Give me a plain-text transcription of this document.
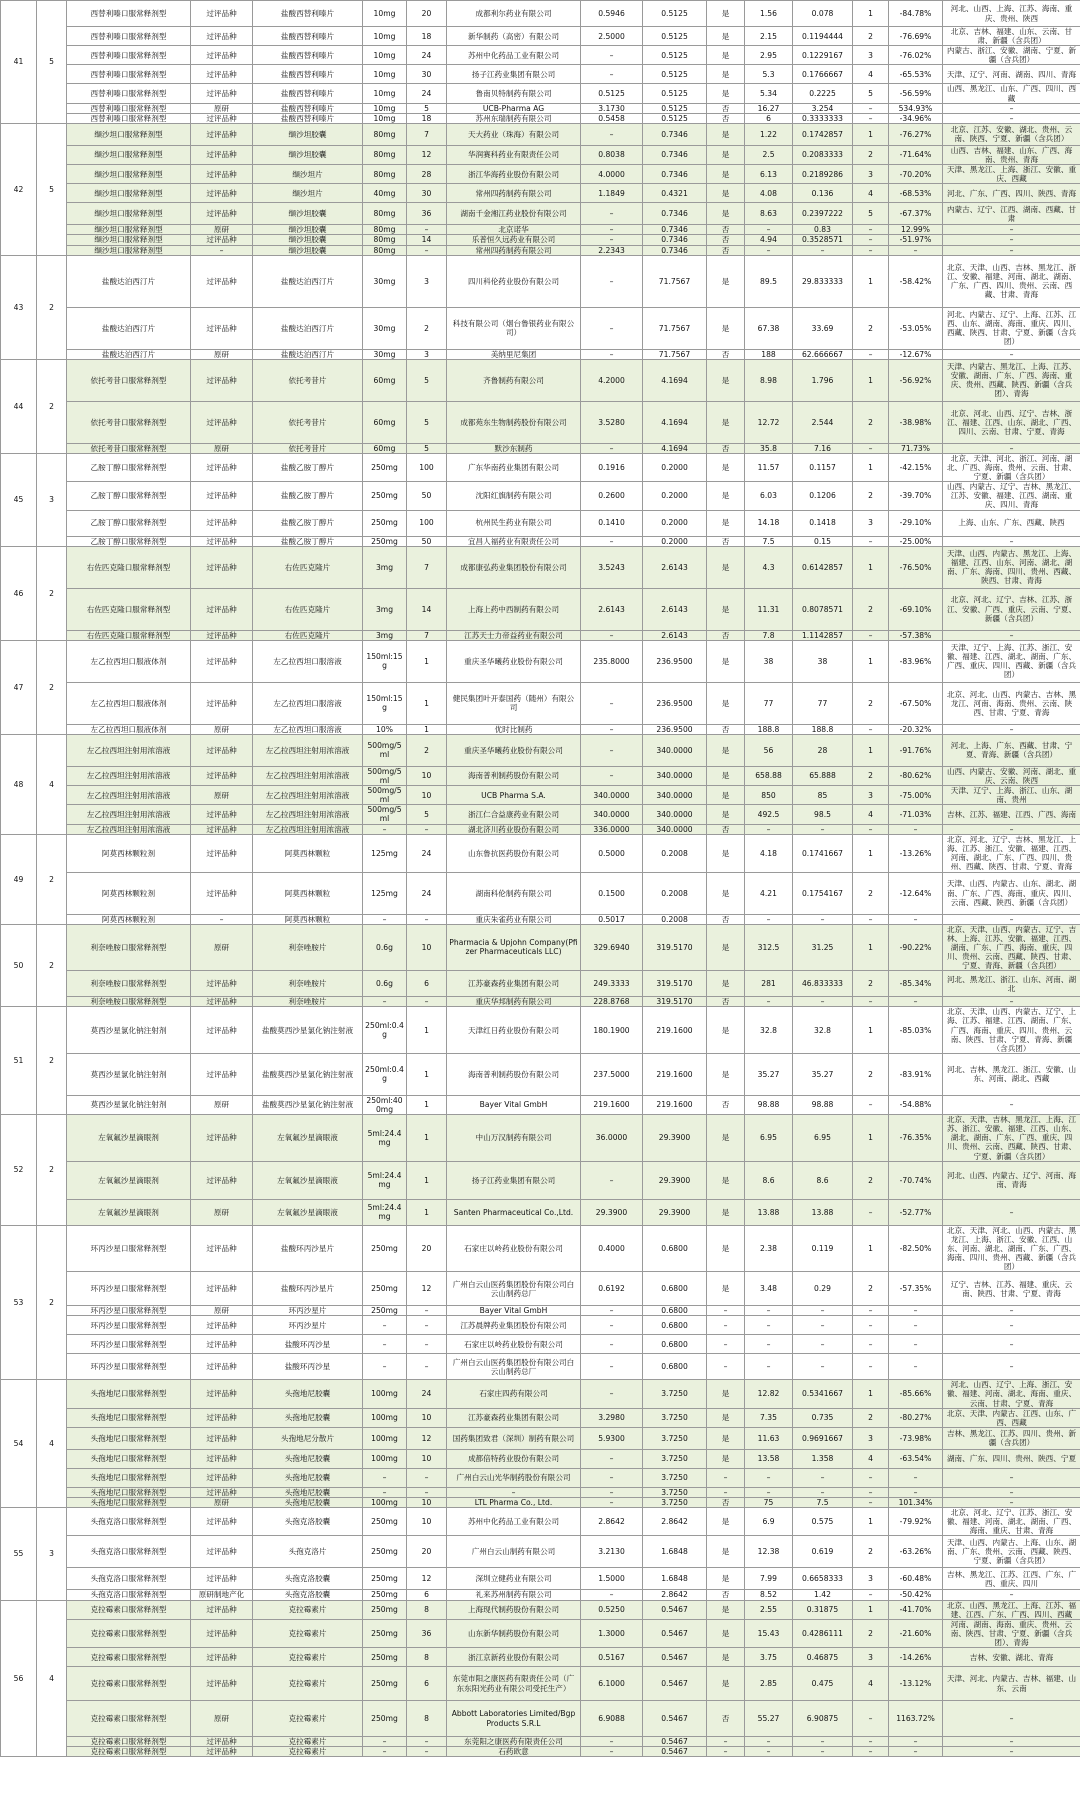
41	5	西替利嗪口服常释剂型	过评品种	盐酸西替利嗪片	10mg	20	成都利尔药业有限公司	0.5946	0.5125	是	1.56	0.078	1	-84.78%	河北、山西、上海、江苏、海南、重庆、贵州、陕西
		西替利嗪口服常释剂型	过评品种	盐酸西替利嗪片	10mg	18	新华制药（高密）有限公司	2.5000	0.5125	是	2.15	0.1194444	2	-76.69%	北京、吉林、福建、山东、云南、甘肃、新疆（含兵团）
		西替利嗪口服常释剂型	过评品种	盐酸西替利嗪片	10mg	24	苏州中化药品工业有限公司	–	0.5125	是	2.95	0.1229167	3	-76.02%	内蒙古、浙江、安徽、湖南、宁夏、新疆（含兵团）
		西替利嗪口服常释剂型	过评品种	盐酸西替利嗪片	10mg	30	扬子江药业集团有限公司	–	0.5125	是	5.3	0.1766667	4	-65.53%	天津、辽宁、河南、湖南、四川、青海
		西替利嗪口服常释剂型	过评品种	盐酸西替利嗪片	10mg	24	鲁南贝特制药有限公司	0.5125	0.5125	是	5.34	0.2225	5	-56.59%	山西、黑龙江、山东、广西、四川、西藏
		西替利嗪口服常释剂型	原研	盐酸西替利嗪片	10mg	5	UCB-Pharma AG	3.1730	0.5125	否	16.27	3.254	–	534.93%	–
		西替利嗪口服常释剂型	过评品种	盐酸西替利嗪片	10mg	18	苏州东瑞制药有限公司	0.5458	0.5125	否	6	0.3333333	–	-34.96%	–
42	5	缬沙坦口服常释剂型	过评品种	缬沙坦胶囊	80mg	7	天大药业（珠海）有限公司	–	0.7346	是	1.22	0.1742857	1	-76.27%	北京、江苏、安徽、湖北、贵州、云南、陕西、宁夏、新疆（含兵团）
		缬沙坦口服常释剂型	过评品种	缬沙坦胶囊	80mg	12	华润赛科药业有限责任公司	0.8038	0.7346	是	2.5	0.2083333	2	-71.64%	山西、吉林、福建、山东、广西、海南、贵州、青海
		缬沙坦口服常释剂型	过评品种	缬沙坦片	80mg	28	浙江华海药业股份有限公司	4.0000	0.7346	是	6.13	0.2189286	3	-70.20%	天津、黑龙江、上海、浙江、安徽、重庆、西藏
		缬沙坦口服常释剂型	过评品种	缬沙坦片	40mg	30	常州四药制药有限公司	1.1849	0.4321	是	4.08	0.136	4	-68.53%	河北、广东、广西、四川、陕西、青海
		缬沙坦口服常释剂型	过评品种	缬沙坦胶囊	80mg	36	湖南千金湘江药业股份有限公司	–	0.7346	是	8.63	0.2397222	5	-67.37%	内蒙古、辽宁、江西、湖南、西藏、甘肃
		缬沙坦口服常释剂型	原研	缬沙坦胶囊	80mg	–	北京诺华	–	0.7346	否	–	0.83	–	12.99%	–
		缬沙坦口服常释剂型	过评品种	缬沙坦胶囊	80mg	14	乐普恒久远药业有限公司	–	0.7346	否	4.94	0.3528571	–	-51.97%	–
		缬沙坦口服常释剂型	–	缬沙坦胶囊	80mg	–	常州四药制药有限公司	2.2343	0.7346	否	–	–	–	–	–
43	2	盐酸达泊西汀片	过评品种	盐酸达泊西汀片	30mg	3	四川科伦药业股份有限公司	–	71.7567	是	89.5	29.833333	1	-58.42%	北京、天津、山西、吉林、黑龙江、浙江、安徽、福建、河南、湖北、湖南、广东、广西、四川、贵州、云南、西藏、甘肃、青海
		盐酸达泊西汀片	过评品种	盐酸达泊西汀片	30mg	2	科技有限公司（烟台鲁银药业有限公司）	–	71.7567	是	67.38	33.69	2	-53.05%	河北、内蒙古、辽宁、上海、江苏、江西、山东、湖南、海南、重庆、四川、西藏、陕西、甘肃、宁夏、新疆（含兵团）
		盐酸达泊西汀片	原研	盐酸达泊西汀片	30mg	3	美纳里尼集团	–	71.7567	否	188	62.666667	–	-12.67%	–
44	2	依托考昔口服常释剂型	过评品种	依托考昔片	60mg	5	齐鲁制药有限公司	4.2000	4.1694	是	8.98	1.796	1	-56.92%	天津、内蒙古、黑龙江、上海、江苏、安徽、湖南、广东、广西、海南、重庆、贵州、西藏、陕西、新疆（含兵团）、青海
		依托考昔口服常释剂型	过评品种	依托考昔片	60mg	5	成都苑东生物制药股份有限公司	3.5280	4.1694	是	12.72	2.544	2	-38.98%	北京、河北、山西、辽宁、吉林、浙江、福建、江西、山东、湖北、广西、四川、云南、甘肃、宁夏、青海
		依托考昔口服常释剂型	原研	依托考昔片	60mg	5	默沙东制药	–	4.1694	否	35.8	7.16	–	71.73%	–
45	3	乙胺丁醇口服常释剂型	过评品种	盐酸乙胺丁醇片	250mg	100	广东华南药业集团有限公司	0.1916	0.2000	是	11.57	0.1157	1	-42.15%	北京、天津、河北、浙江、河南、湖北、广西、海南、贵州、云南、甘肃、宁夏、新疆（含兵团）
		乙胺丁醇口服常释剂型	过评品种	盐酸乙胺丁醇片	250mg	50	沈阳红旗制药有限公司	0.2600	0.2000	是	6.03	0.1206	2	-39.70%	山西、内蒙古、辽宁、吉林、黑龙江、江苏、安徽、福建、江西、湖南、重庆、四川、青海
		乙胺丁醇口服常释剂型	过评品种	盐酸乙胺丁醇片	250mg	100	杭州民生药业有限公司	0.1410	0.2000	是	14.18	0.1418	3	-29.10%	上海、山东、广东、西藏、陕西
		乙胺丁醇口服常释剂型	过评品种	盐酸乙胺丁醇片	250mg	50	宜昌人福药业有限责任公司	–	0.2000	否	7.5	0.15	–	-25.00%	–
46	2	右佐匹克隆口服常释剂型	过评品种	右佐匹克隆片	3mg	7	成都康弘药业集团股份有限公司	3.5243	2.6143	是	4.3	0.6142857	1	-76.50%	天津、山西、内蒙古、黑龙江、上海、福建、江西、山东、河南、湖北、湖南、广东、海南、四川、贵州、西藏、陕西、甘肃、青海
		右佐匹克隆口服常释剂型	过评品种	右佐匹克隆片	3mg	14	上海上药中西制药有限公司	2.6143	2.6143	是	11.31	0.8078571	2	-69.10%	北京、河北、辽宁、吉林、江苏、浙江、安徽、广西、重庆、云南、宁夏、新疆（含兵团）
		右佐匹克隆口服常释剂型	过评品种	右佐匹克隆片	3mg	7	江苏天士力帝益药业有限公司	–	2.6143	否	7.8	1.1142857	–	-57.38%	–
47	2	左乙拉西坦口服液体剂	过评品种	左乙拉西坦口服溶液	150ml:15g	1	重庆圣华曦药业股份有限公司	235.8000	236.9500	是	38	38	1	-83.96%	天津、辽宁、上海、江苏、浙江、安徽、福建、江西、湖北、湖南、广东、广西、重庆、四川、西藏、新疆（含兵团）
		左乙拉西坦口服液体剂	过评品种	左乙拉西坦口服溶液	150ml:15g	1	健民集团叶开泰国药（随州）有限公司	–	236.9500	是	77	77	2	-67.50%	北京、河北、山西、内蒙古、吉林、黑龙江、河南、海南、贵州、云南、陕西、甘肃、宁夏、青海
		左乙拉西坦口服液体剂	原研	左乙拉西坦口服溶液	10%	1	优时比制药	–	236.9500	否	188.8	188.8	–	-20.32%	–
48	4	左乙拉西坦注射用浓溶液	过评品种	左乙拉西坦注射用浓溶液	500mg/5ml	2	重庆圣华曦药业股份有限公司	–	340.0000	是	56	28	1	-91.76%	河北、上海、广东、西藏、甘肃、宁夏、青海、新疆（含兵团）
		左乙拉西坦注射用浓溶液	过评品种	左乙拉西坦注射用浓溶液	500mg/5ml	10	海南普利制药股份有限公司	–	340.0000	是	658.88	65.888	2	-80.62%	山西、内蒙古、安徽、河南、湖北、重庆、云南、陕西
		左乙拉西坦注射用浓溶液	原研	左乙拉西坦注射用浓溶液	500mg/5ml	10	UCB Pharma S.A.	340.0000	340.0000	是	850	85	3	-75.00%	天津、辽宁、上海、浙江、山东、湖南、贵州
		左乙拉西坦注射用浓溶液	过评品种	左乙拉西坦注射用浓溶液	500mg/5ml	5	浙江仁合益康药业有限公司	340.0000	340.0000	是	492.5	98.5	4	-71.03%	吉林、江苏、福建、江西、广西、海南
		左乙拉西坦注射用浓溶液	过评品种	左乙拉西坦注射用浓溶液	–	–	湖北济川药业股份有限公司	336.0000	340.0000	否	–	–	–	–	–
49	2	阿莫西林颗粒剂	过评品种	阿莫西林颗粒	125mg	24	山东鲁抗医药股份有限公司	0.5000	0.2008	是	4.18	0.1741667	1	-13.26%	北京、河北、辽宁、吉林、黑龙江、上海、江苏、浙江、安徽、福建、江西、河南、湖北、广东、广西、四川、贵州、西藏、陕西、甘肃、宁夏、青海
		阿莫西林颗粒剂	过评品种	阿莫西林颗粒	125mg	24	湖南科伦制药有限公司	0.1500	0.2008	是	4.21	0.1754167	2	-12.64%	天津、山西、内蒙古、山东、湖北、湖南、广东、广西、海南、重庆、四川、云南、西藏、陕西、新疆（含兵团）
		阿莫西林颗粒剂	–	阿莫西林颗粒	–	–	重庆朱雀药业有限公司	0.5017	0.2008	否	–	–	–	–	–
50	2	利奈唑胺口服常释剂型	原研	利奈唑胺片	0.6g	10	Pharmacia & Upjohn Company(Pfizer Pharmaceuticals LLC)	329.6940	319.5170	是	312.5	31.25	1	-90.22%	北京、天津、山西、内蒙古、辽宁、吉林、上海、江苏、安徽、福建、江西、湖南、广东、广西、海南、重庆、四川、贵州、云南、西藏、陕西、甘肃、宁夏、青海、新疆（含兵团）
		利奈唑胺口服常释剂型	过评品种	利奈唑胺片	0.6g	6	江苏豪森药业集团有限公司	249.3333	319.5170	是	281	46.833333	2	-85.34%	河北、黑龙江、浙江、山东、河南、湖北
		利奈唑胺口服常释剂型	过评品种	利奈唑胺片	–	–	重庆华邦制药有限公司	228.8768	319.5170	否	–	–	–	–	–
51	2	莫西沙星氯化钠注射剂	过评品种	盐酸莫西沙星氯化钠注射液	250ml:0.4g	1	天津红日药业股份有限公司	180.1900	219.1600	是	32.8	32.8	1	-85.03%	北京、天津、山西、内蒙古、辽宁、上海、江苏、福建、江西、湖南、广东、广西、海南、重庆、四川、贵州、云南、陕西、甘肃、宁夏、青海、新疆（含兵团）
		莫西沙星氯化钠注射剂	过评品种	盐酸莫西沙星氯化钠注射液	250ml:0.4g	1	海南普利制药股份有限公司	237.5000	219.1600	是	35.27	35.27	2	-83.91%	河北、吉林、黑龙江、浙江、安徽、山东、河南、湖北、西藏
		莫西沙星氯化钠注射剂	原研	盐酸莫西沙星氯化钠注射液	250ml:400mg	1	Bayer Vital GmbH	219.1600	219.1600	否	98.88	98.88	–	-54.88%	–
52	2	左氧氟沙星滴眼剂	过评品种	左氧氟沙星滴眼液	5ml:24.4mg	1	中山万汉制药有限公司	36.0000	29.3900	是	6.95	6.95	1	-76.35%	北京、天津、吉林、黑龙江、上海、江苏、浙江、安徽、福建、江西、山东、湖北、湖南、广东、广西、重庆、四川、贵州、云南、西藏、陕西、甘肃、宁夏、新疆（含兵团）
		左氧氟沙星滴眼剂	过评品种	左氧氟沙星滴眼液	5ml:24.4mg	1	扬子江药业集团有限公司	–	29.3900	是	8.6	8.6	2	-70.74%	河北、山西、内蒙古、辽宁、河南、海南、青海
		左氧氟沙星滴眼剂	原研	左氧氟沙星滴眼液	5ml:24.4mg	1	Santen Pharmaceutical Co.,Ltd.	29.3900	29.3900	是	13.88	13.88	–	-52.77%	–
53	2	环丙沙星口服常释剂型	过评品种	盐酸环丙沙星片	250mg	20	石家庄以岭药业股份有限公司	0.4000	0.6800	是	2.38	0.119	1	-82.50%	北京、天津、河北、山西、内蒙古、黑龙江、上海、浙江、安徽、江西、山东、河南、湖北、湖南、广东、广西、海南、四川、贵州、西藏、新疆（含兵团）
		环丙沙星口服常释剂型	过评品种	盐酸环丙沙星片	250mg	12	广州白云山医药集团股份有限公司白云山制药总厂	0.6192	0.6800	是	3.48	0.29	2	-57.35%	辽宁、吉林、江苏、福建、重庆、云南、陕西、甘肃、宁夏、青海
		环丙沙星口服常释剂型	原研	环丙沙星片	250mg	–	Bayer Vital GmbH	–	0.6800	–	–	–	–	–	–
		环丙沙星口服常释剂型	过评品种	环丙沙星片	–	–	江苏晨牌药业集团股份有限公司	–	0.6800	–	–	–	–	–	–
		环丙沙星口服常释剂型	过评品种	盐酸环丙沙星	–	–	石家庄以岭药业股份有限公司	–	0.6800	–	–	–	–	–	–
		环丙沙星口服常释剂型	过评品种	盐酸环丙沙星	–	–	广州白云山医药集团股份有限公司白云山制药总厂	–	0.6800	–	–	–	–	–	–
54	4	头孢地尼口服常释剂型	过评品种	头孢地尼胶囊	100mg	24	石家庄四药有限公司	–	3.7250	是	12.82	0.5341667	1	-85.66%	河北、山西、辽宁、上海、浙江、安徽、福建、河南、湖北、海南、重庆、云南、甘肃、宁夏、青海
		头孢地尼口服常释剂型	过评品种	头孢地尼胶囊	100mg	10	江苏豪森药业集团有限公司	3.2980	3.7250	是	7.35	0.735	2	-80.27%	北京、天津、内蒙古、江西、山东、广西、西藏
		头孢地尼口服常释剂型	过评品种	头孢地尼分散片	100mg	12	国药集团致君（深圳）制药有限公司	5.9300	3.7250	是	11.63	0.9691667	3	-73.98%	吉林、黑龙江、江苏、四川、贵州、新疆（含兵团）
		头孢地尼口服常释剂型	过评品种	头孢地尼胶囊	100mg	10	成都倍特药业股份有限公司	–	3.7250	是	13.58	1.358	4	-63.54%	湖南、广东、四川、贵州、陕西、宁夏
		头孢地尼口服常释剂型	过评品种	头孢地尼胶囊	–	–	广州白云山光华制药股份有限公司	–	3.7250	–	–	–	–	–	–
		头孢地尼口服常释剂型	过评品种	头孢地尼胶囊	–	–	–	–	3.7250	–	–	–	–	–	–
		头孢地尼口服常释剂型	原研	头孢地尼胶囊	100mg	10	LTL Pharma Co., Ltd.	–	3.7250	否	75	7.5	–	101.34%	–
55	3	头孢克洛口服常释剂型	过评品种	头孢克洛胶囊	250mg	10	苏州中化药品工业有限公司	2.8642	2.8642	是	6.9	0.575	1	-79.92%	北京、河北、辽宁、江苏、浙江、安徽、福建、河南、湖北、湖南、广西、海南、重庆、甘肃、青海
		头孢克洛口服常释剂型	过评品种	头孢克洛片	250mg	20	广州白云山制药有限公司	3.2130	1.6848	是	12.38	0.619	2	-63.26%	天津、山西、内蒙古、上海、山东、湖南、广东、贵州、云南、西藏、陕西、宁夏、新疆（含兵团）
		头孢克洛口服常释剂型	过评品种	头孢克洛胶囊	250mg	12	深圳立健药业有限公司	1.5000	1.6848	是	7.99	0.6658333	3	-60.48%	吉林、黑龙江、江苏、江西、广东、广西、重庆、四川
		头孢克洛口服常释剂型	原研制地产化	头孢克洛胶囊	250mg	6	礼来苏州制药有限公司	–	2.8642	否	8.52	1.42	–	-50.42%	–
56	4	克拉霉素口服常释剂型	过评品种	克拉霉素片	250mg	8	上海现代制药股份有限公司	0.5250	0.5467	是	2.55	0.31875	1	-41.70%	北京、山西、黑龙江、上海、江苏、福建、江西、广东、广西、四川、西藏
		克拉霉素口服常释剂型	过评品种	克拉霉素片	250mg	36	山东新华制药股份有限公司	1.3000	0.5467	是	15.43	0.4286111	2	-21.60%	河南、湖南、海南、重庆、贵州、云南、陕西、甘肃、宁夏、新疆（含兵团）、青海
		克拉霉素口服常释剂型	过评品种	克拉霉素片	250mg	8	浙江京新药业股份有限公司	0.5167	0.5467	是	3.75	0.46875	3	-14.26%	吉林、安徽、湖北、青海
		克拉霉素口服常释剂型	过评品种	克拉霉素片	250mg	6	东莞市阳之康医药有限责任公司（广东东阳光药业有限公司受托生产）	6.1000	0.5467	是	2.85	0.475	4	-13.12%	天津、河北、内蒙古、吉林、福建、山东、云南
		克拉霉素口服常释剂型	原研	克拉霉素片	250mg	8	Abbott Laboratories Limited/Bgp Products S.R.L	6.9088	0.5467	否	55.27	6.90875	–	1163.72%	–
		克拉霉素口服常释剂型	过评品种	克拉霉素片	–	–	东莞阳之康医药有限责任公司	–	0.5467	–	–	–	–	–	–
		克拉霉素口服常释剂型	过评品种	克拉霉素片	–	–	石药欧意	–	0.5467	–	–	–	–	–	–
